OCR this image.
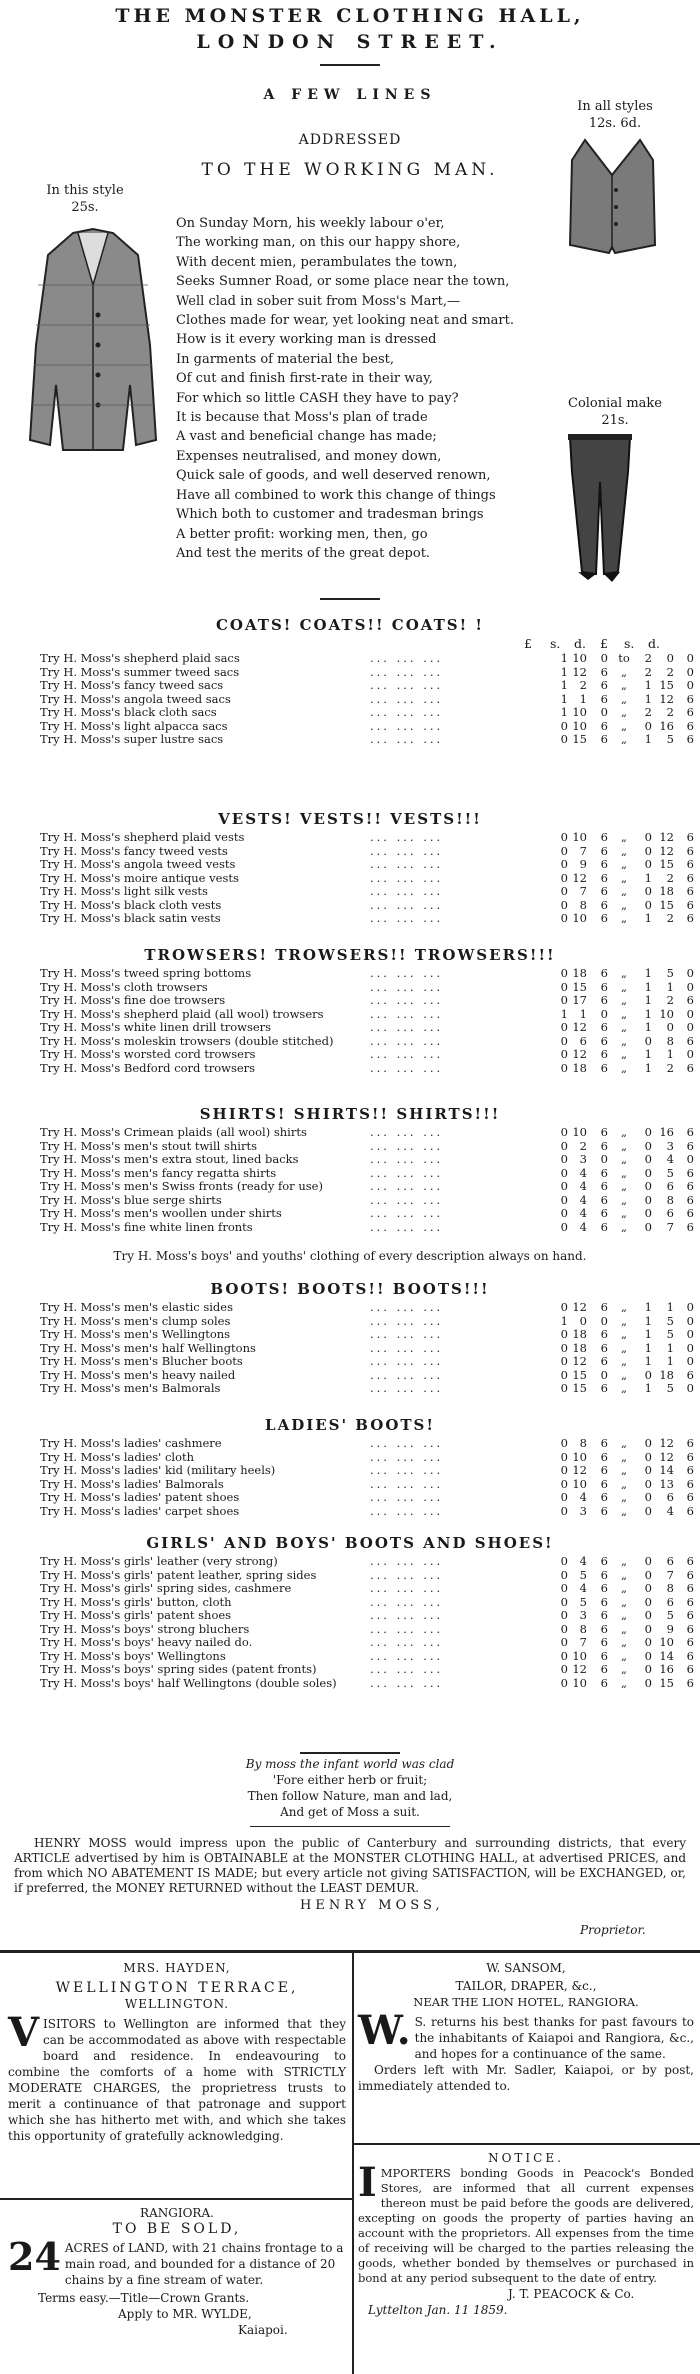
THE MONSTER CLOTHING HALL,
LONDON STREET.
A FEW LINES
ADDRESSED
TO THE WORKING MAN.
In this style
25s.
In all styles
12s. 6d.
Colonial make
21s.
On Sunday Morn, his weekly labour o'er,
The working man, on this our happy shore,
With decent mien, perambulates the town,
Seeks Sumner Road, or some place near the town,
Well clad in sober suit from Moss's Mart,—
Clothes made for wear, yet looking neat and smart.
How is it every working man is dressed
In garments of material the best,
Of cut and finish first-rate in their way,
For which so little CASH they have to pay?
It is because that Moss's plan of trade
A vast and beneficial change has made;
Expenses neutralised, and money down,
Quick sale of goods, and well deserved renown,
Have all combined to work this change of things
Which both to customer and tradesman brings
A better profit: working men, then, go
And test the merits of the great depot.
COATS! COATS!! COATS! !
Try H. Moss's shepherd plaid sacs	1 10	0 to	2	0	0
... ... ...
Try H. Moss's summer tweed sacs	1 12	6	„	2	2	0
... ... ...
Try H. Moss's fancy tweed sacs	1	2	6	„	1 15	0
... ... ...
Try H. Moss's angola tweed sacs	1	1	6	„	1 12	6
... ... ...
Try H. Moss's black cloth sacs	1 10	0	„	2	2	6
... ... ...
Try H. Moss's light alpacca sacs	0 10	6	„	0 16	6
... ... ...
Try H. Moss's super lustre sacs	0 15	6	„	1	5	6
... ... ...
VESTS! VESTS!! VESTS!!!
Try H. Moss's shepherd plaid vests	0 10	6	„	0 12	6
... ... ...
Try H. Moss's fancy tweed vests	0	7	6	„	0 12	6
... ... ...
Try H. Moss's angola tweed vests	0	9	6	„	0 15	6
... ... ...
Try H. Moss's moire antique vests	0 12	6	„	1	2	6
... ... ...
Try H. Moss's light silk vests	0	7	6	„	0 18	6
... ... ...
Try H. Moss's black cloth vests	0	8	6	„	0 15	6
... ... ...
Try H. Moss's black satin vests	0 10	6	„	1	2	6
... ... ...
TROWSERS! TROWSERS!! TROWSERS!!!
Try H. Moss's tweed spring bottoms	0 18	6	„	1	5	0
... ... ...
Try H. Moss's cloth trowsers	0 15	6	„	1	1	0
... ... ...
Try H. Moss's fine doe trowsers	0 17	6	„	1	2	6
... ... ...
Try H. Moss's shepherd plaid (all wool) trowsers	1	1	0	„	1 10	0
... ... ...
Try H. Moss's white linen drill trowsers	0 12	6	„	1	0	0
... ... ...
Try H. Moss's moleskin trowsers (double stitched)	0	6	6	„	0	8	6
... ... ...
Try H. Moss's worsted cord trowsers	0 12	6	„	1	1	0
... ... ...
Try H. Moss's Bedford cord trowsers	0 18	6	„	1	2	6
... ... ...
SHIRTS! SHIRTS!! SHIRTS!!!
Try H. Moss's Crimean plaids (all wool) shirts	0 10	6	„	0 16	6
... ... ...
Try H. Moss's men's stout twill shirts	0	2	6	„	0	3	6
... ... ...
Try H. Moss's men's extra stout, lined backs	0	3	0	„	0	4	0
... ... ...
Try H. Moss's men's fancy regatta shirts	0	4	6	„	0	5	6
... ... ...
Try H. Moss's men's Swiss fronts (ready for use)	0	4	6	„	0	6	6
... ... ...
Try H. Moss's blue serge shirts	0	4	6	„	0	8	6
... ... ...
Try H. Moss's men's woollen under shirts	0	4	6	„	0	6	6
... ... ...
Try H. Moss's fine white linen fronts	0	4	6	„	0	7	6
... ... ...
BOOTS! BOOTS!! BOOTS!!!
Try H. Moss's men's elastic sides	0 12	6	„	1	1	0
... ... ...
Try H. Moss's men's clump soles	1	0	0	„	1	5	0
... ... ...
Try H. Moss's men's Wellingtons	0 18	6	„	1	5	0
... ... ...
Try H. Moss's men's half Wellingtons	0 18	6	„	1	1	0
... ... ...
Try H. Moss's men's Blucher boots	0 12	6	„	1	1	0
... ... ...
Try H. Moss's men's heavy nailed	0 15	0	„	0 18	6
... ... ...
Try H. Moss's men's Balmorals	0 15	6	„	1	5	0
... ... ...
LADIES' BOOTS!
Try H. Moss's ladies' cashmere	0	8	6	„	0 12	6
... ... ...
Try H. Moss's ladies' cloth	0 10	6	„	0 12	6
... ... ...
Try H. Moss's ladies' kid (military heels)	0 12	6	„	0 14	6
... ... ...
Try H. Moss's ladies' Balmorals	0 10	6	„	0 13	6
... ... ...
Try H. Moss's ladies' patent shoes	0	4	6	„	0	6	6
... ... ...
Try H. Moss's ladies' carpet shoes	0	3	6	„	0	4	6
... ... ...
GIRLS' AND BOYS' BOOTS AND SHOES!
Try H. Moss's girls' leather (very strong)	0	4	6	„	0	6	6
... ... ...
Try H. Moss's girls' patent leather, spring sides	0	5	6	„	0	7	6
... ... ...
Try H. Moss's girls' spring sides, cashmere	0	4	6	„	0	8	6
... ... ...
Try H. Moss's girls' button, cloth	0	5	6	„	0	6	6
... ... ...
Try H. Moss's girls' patent shoes	0	3	6	„	0	5	6
... ... ...
Try H. Moss's boys' strong bluchers	0	8	6	„	0	9	6
... ... ...
Try H. Moss's boys' heavy nailed do.	0	7	6	„	0 10	6
... ... ...
Try H. Moss's boys' Wellingtons	0 10	6	„	0 14	6
... ... ...
Try H. Moss's boys' spring sides (patent fronts)	0 12	6	„	0 16	6
... ... ...
Try H. Moss's boys' half Wellingtons (double soles)	0 10	6	„	0 15	6
... ... ...
£ s. d. £ s. d.
Try H. Moss's boys' and youths' clothing of every description always on hand.
By moss the infant world was clad
'Fore either herb or fruit;
Then follow Nature, man and lad,
And get of Moss a suit.
HENRY MOSS would impress upon the public of Canterbury and surrounding districts, that every ARTICLE advertised by him is OBTAINABLE at the MONSTER CLOTHING HALL, at advertised PRICES, and from which NO ABATEMENT IS MADE; but every article not giving SATISFACTION, will be EXCHANGED, or, if preferred, the MONEY RETURNED without the LEAST DEMUR.
HENRY MOSS,
Proprietor.
MRS. HAYDEN,
WELLINGTON TERRACE,
WELLINGTON.
VISITORS to Wellington are informed that they can be accommodated as above with respectable board and residence. In endeavouring to combine the comforts of a home with STRICTLY MODERATE CHARGES, the proprietress trusts to merit a continuance of that patronage and support which she has hitherto met with, and which she takes this opportunity of gratefully acknowledging.
RANGIORA.
TO BE SOLD,
24 ACRES of LAND, with 21 chains frontage to a main road, and bounded for a distance of 20 chains by a fine stream of water.
Terms easy.—Title—Crown Grants.
Apply to MR. WYLDE,
Kaiapoi.
W. SANSOM,
TAILOR, DRAPER, &c.,
NEAR THE LION HOTEL, RANGIORA.
W. S. returns his best thanks for past favours to the inhabitants of Kaiapoi and Rangiora, &c., and hopes for a continuance of the same.
Orders left with Mr. Sadler, Kaiapoi, or by post, immediately attended to.
NOTICE.
IMPORTERS bonding Goods in Peacock's Bonded Stores, are informed that all current expenses thereon must be paid before the goods are delivered, excepting on goods the property of parties having an account with the proprietors. All expenses from the time of receiving will be charged to the parties releasing the goods, whether bonded by themselves or purchased in bond at any period subsequent to the date of entry.
J. T. PEACOCK & Co.
Lyttelton Jan. 11 1859.
